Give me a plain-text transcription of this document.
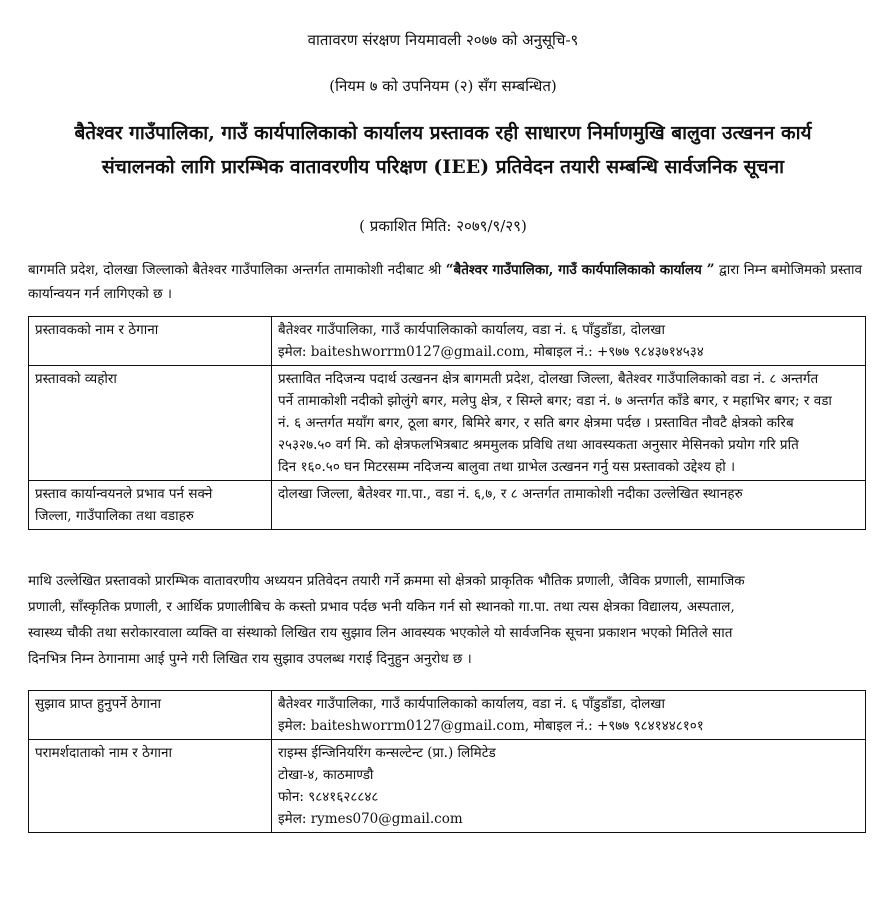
वातावरण संरक्षण नियमावली २०७७ को अनुसूचि-९
(नियम ७ को उपनियम (२) सँग सम्बन्धित)
बैतेश्वर गाउँपालिका, गाउँ कार्यपालिकाको कार्यालय प्रस्तावक रही साधारण निर्माणमुखि बालुवा उत्खनन कार्य
संचालनको लागि प्रारम्भिक वातावरणीय परिक्षण (IEE) प्रतिवेदन तयारी सम्बन्धि सार्वजनिक सूचना
( प्रकाशित मिति: २०७९/९/२९)
बागमति प्रदेश, दोलखा जिल्लाको बैतेश्वर गाउँपालिका अन्तर्गत तामाकोशी नदीबाट श्री “बैतेश्वर गाउँपालिका, गाउँ कार्यपालिकाको कार्यालय ” द्वारा निम्न बमोजिमको प्रस्ताव कार्यान्वयन गर्न लागिएको छ ।
प्रस्तावकको नाम र ठेगाना	बैतेश्वर गाउँपालिका, गाउँ कार्यपालिकाको कार्यालय, वडा नं. ६ पाँडुडाँडा, दोलखा
इमेल: baiteshworrm0127@gmail.com, मोबाइल नं.: +९७७ ९८४३७१४५३४

प्रस्तावको व्यहोरा	प्रस्तावित नदिजन्य पदार्थ उत्खनन क्षेत्र बागमती प्रदेश, दोलखा जिल्ला, बैतेश्वर गाउँपालिकाको वडा नं. ८ अन्तर्गत
पर्ने तामाकोशी नदीको झोलुंगे बगर, मलेपु क्षेत्र, र सिम्ले बगर; वडा नं. ७ अन्तर्गत काँडे बगर, र महाभिर बगर; र वडा
नं. ६ अन्तर्गत मयाँग बगर, ठूला बगर, बिमिरे बगर, र सति बगर क्षेत्रमा पर्दछ । प्रस्तावित नौवटै क्षेत्रको करिब
२५३२७.५० वर्ग मि. को क्षेत्रफलभित्रबाट श्रममुलक प्रविधि तथा आवस्यकता अनुसार मेसिनको प्रयोग गरि प्रति
दिन १६०.५० घन मिटरसम्म नदिजन्य बालुवा तथा ग्राभेल उत्खनन गर्नु यस प्रस्तावको उद्देश्य हो ।

प्रस्ताव कार्यान्वयनले प्रभाव पर्न सक्ने
जिल्ला, गाउँपालिका तथा वडाहरु	दोलखा जिल्ला, बैतेश्वर गा.पा., वडा नं. ६,७, र ८ अन्तर्गत तामाकोशी नदीका उल्लेखित स्थानहरु
माथि उल्लेखित प्रस्तावको प्रारम्भिक वातावरणीय अध्ययन प्रतिवेदन तयारी गर्ने क्रममा सो क्षेत्रको प्राकृतिक भौतिक प्रणाली, जैविक प्रणाली, सामाजिक
प्रणाली, साँस्कृतिक प्रणाली, र आर्थिक प्रणालीबिच के कस्तो प्रभाव पर्दछ भनी यकिन गर्न सो स्थानको गा.पा. तथा त्यस क्षेत्रका विद्यालय, अस्पताल,
स्वास्थ्य चौकी तथा सरोकारवाला व्यक्ति वा संस्थाको लिखित राय सुझाव लिन आवस्यक भएकोले यो सार्वजनिक सूचना प्रकाशन भएको मितिले सात
दिनभित्र निम्न ठेगानामा आई पुग्ने गरी लिखित राय सुझाव उपलब्ध गराई दिनुहुन अनुरोध छ ।
सुझाव प्राप्त हुनुपर्ने ठेगाना	बैतेश्वर गाउँपालिका, गाउँ कार्यपालिकाको कार्यालय, वडा नं. ६ पाँडुडाँडा, दोलखा
इमेल: baiteshworrm0127@gmail.com, मोबाइल नं.: +९७७ ९८४१४४८१०१

परामर्शदाताको नाम र ठेगाना	राइम्स ईन्जिनियरिंग कन्सल्टेन्ट (प्रा.) लिमिटेड
टोखा-४, काठमाण्डौ
फोन: ९८४१६२८८४८
इमेल: rymes070@gmail.com
